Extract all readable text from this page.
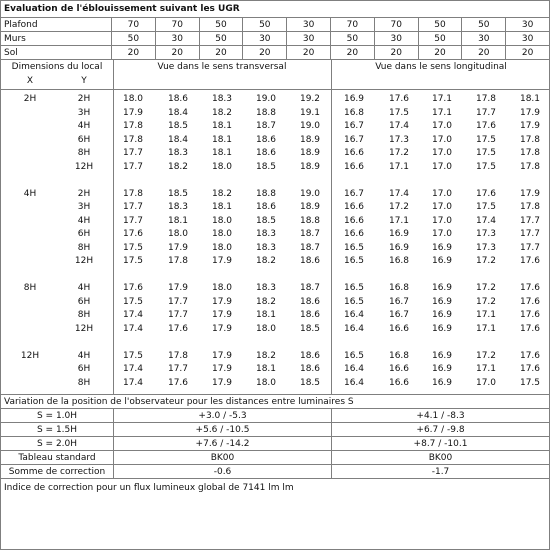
Evaluation de l'éblouissement suivant les UGR
Plafond	70	70	50	50	30	70	70	50	50	30
Murs	50	30	50	30	30	50	30	50	30	30
Sol	20	20	20	20	20	20	20	20	20	20
Dimensions du local
X	Y
Vue dans le sens transversal	Vue dans le sens longitudinal
2H	2H	18.0	18.6	18.3	19.0	19.2	16.9	17.6	17.1	17.8	18.1
3H	17.9	18.4	18.2	18.8	19.1	16.8	17.5	17.1	17.7	17.9
4H	17.8	18.5	18.1	18.7	19.0	16.7	17.4	17.0	17.6	17.9
6H	17.8	18.4	18.1	18.6	18.9	16.7	17.3	17.0	17.5	17.8
8H	17.7	18.3	18.1	18.6	18.9	16.6	17.2	17.0	17.5	17.8
12H	17.7	18.2	18.0	18.5	18.9	16.6	17.1	17.0	17.5	17.8
4H	2H	17.8	18.5	18.2	18.8	19.0	16.7	17.4	17.0	17.6	17.9
3H	17.7	18.3	18.1	18.6	18.9	16.6	17.2	17.0	17.5	17.8
4H	17.7	18.1	18.0	18.5	18.8	16.6	17.1	17.0	17.4	17.7
6H	17.6	18.0	18.0	18.3	18.7	16.6	16.9	17.0	17.3	17.7
8H	17.5	17.9	18.0	18.3	18.7	16.5	16.9	16.9	17.3	17.7
12H	17.5	17.8	17.9	18.2	18.6	16.5	16.8	16.9	17.2	17.6
8H	4H	17.6	17.9	18.0	18.3	18.7	16.5	16.8	16.9	17.2	17.6
6H	17.5	17.7	17.9	18.2	18.6	16.5	16.7	16.9	17.2	17.6
8H	17.4	17.7	17.9	18.1	18.6	16.4	16.7	16.9	17.1	17.6
12H	17.4	17.6	17.9	18.0	18.5	16.4	16.6	16.9	17.1	17.6
12H	4H	17.5	17.8	17.9	18.2	18.6	16.5	16.8	16.9	17.2	17.6
6H	17.4	17.7	17.9	18.1	18.6	16.4	16.6	16.9	17.1	17.6
8H	17.4	17.6	17.9	18.0	18.5	16.4	16.6	16.9	17.0	17.5
Variation de la position de l'observateur pour les distances entre luminaires S
S = 1.0H	+3.0 / -5.3	+4.1 / -8.3
S = 1.5H	+5.6 / -10.5	+6.7 / -9.8
S = 2.0H	+7.6 / -14.2	+8.7 / -10.1
Tableau standard	BK00	BK00
Somme de correction	-0.6	-1.7
Indice de correction pour un flux lumineux global de 7141 lm lm
